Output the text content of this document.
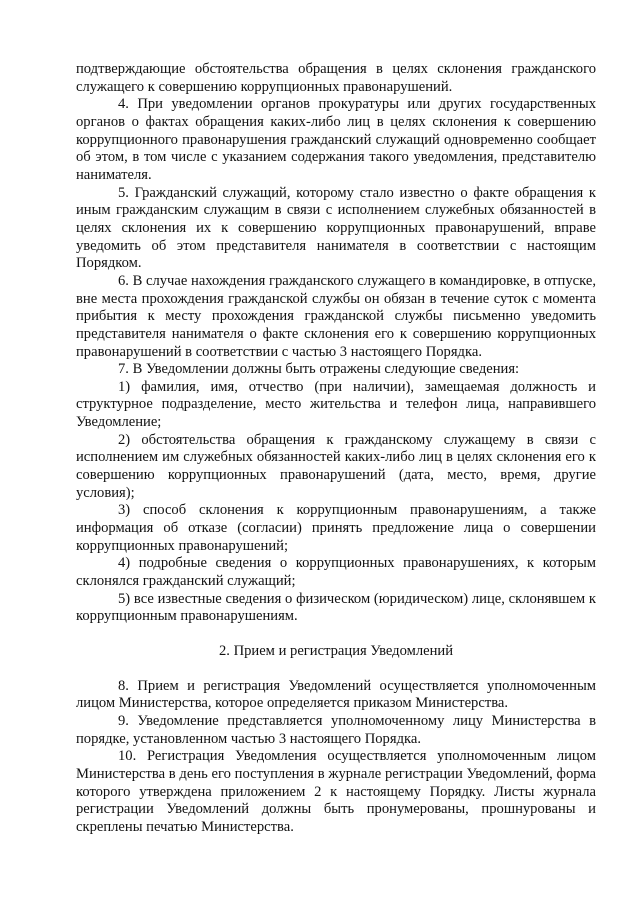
подтверждающие обстоятельства обращения в целях склонения гражданского служащего к совершению коррупционных правонарушений.

4. При уведомлении органов прокуратуры или других государственных органов о фактах обращения каких-либо лиц в целях склонения к совершению коррупционного правонарушения гражданский служащий одновременно сообщает об этом, в том числе с указанием содержания такого уведомления, представителю нанимателя.

5. Гражданский служащий, которому стало известно о факте обращения к иным гражданским служащим в связи с исполнением служебных обязанностей в целях склонения их к совершению коррупционных правонарушений, вправе уведомить об этом представителя нанимателя в соответствии с настоящим Порядком.

6. В случае нахождения гражданского служащего в командировке, в отпуске, вне места прохождения гражданской службы он обязан в течение суток с момента прибытия к месту прохождения гражданской службы письменно уведомить представителя нанимателя о факте склонения его к совершению коррупционных правонарушений в соответствии с частью 3 настоящего Порядка.

7. В Уведомлении должны быть отражены следующие сведения:

1) фамилия, имя, отчество (при наличии), замещаемая должность и структурное подразделение, место жительства и телефон лица, направившего Уведомление;

2) обстоятельства обращения к гражданскому служащему в связи с исполнением им служебных обязанностей каких-либо лиц в целях склонения его к совершению коррупционных правонарушений (дата, место, время, другие условия);

3) способ склонения к коррупционным правонарушениям, а также информация об отказе (согласии) принять предложение лица о совершении коррупционных правонарушений;

4) подробные сведения о коррупционных правонарушениях, к которым склонялся гражданский служащий;

5) все известные сведения о физическом (юридическом) лице, склонявшем к коррупционным правонарушениям.

2. Прием и регистрация Уведомлений

8. Прием и регистрация Уведомлений осуществляется уполномоченным лицом Министерства, которое определяется приказом Министерства.

9. Уведомление представляется уполномоченному лицу Министерства в порядке, установленном частью 3 настоящего Порядка.

10. Регистрация Уведомления осуществляется уполномоченным лицом Министерства в день его поступления в журнале регистрации Уведомлений, форма которого утверждена приложением 2 к настоящему Порядку. Листы журнала регистрации Уведомлений должны быть пронумерованы, прошнурованы и скреплены печатью Министерства.
